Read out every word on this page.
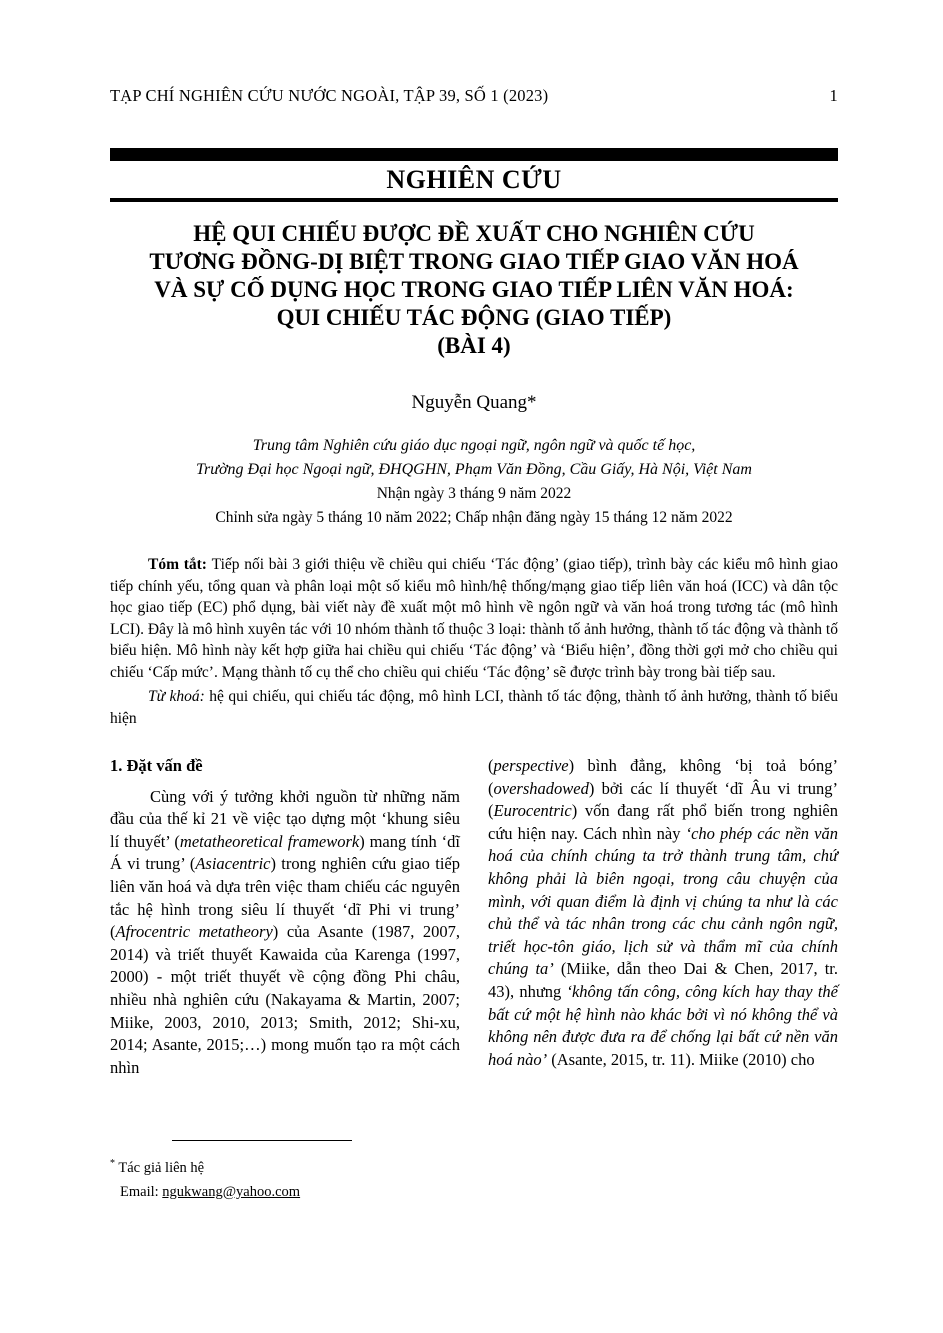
TẠP CHÍ NGHIÊN CỨU NƯỚC NGOÀI, TẬP 39, SỐ 1 (2023)	1
NGHIÊN CỨU
HỆ QUI CHIẾU ĐƯỢC ĐỀ XUẤT CHO NGHIÊN CỨU
TƯƠNG ĐỒNG-DỊ BIỆT TRONG GIAO TIẾP GIAO VĂN HOÁ
VÀ SỰ CỐ DỤNG HỌC TRONG GIAO TIẾP LIÊN VĂN HOÁ:
QUI CHIẾU TÁC ĐỘNG (GIAO TIẾP)
(BÀI 4)
Nguyễn Quang*
Trung tâm Nghiên cứu giáo dục ngoại ngữ, ngôn ngữ và quốc tế học,
Trường Đại học Ngoại ngữ, ĐHQGHN, Phạm Văn Đồng, Cầu Giấy, Hà Nội, Việt Nam
Nhận ngày 3 tháng 9 năm 2022
Chỉnh sửa ngày 5 tháng 10 năm 2022; Chấp nhận đăng ngày 15 tháng 12 năm 2022

Tóm tắt: Tiếp nối bài 3 giới thiệu về chiều qui chiếu ‘Tác động’ (giao tiếp), trình bày các kiểu mô hình giao tiếp chính yếu, tổng quan và phân loại một số kiểu mô hình/hệ thống/mạng giao tiếp liên văn hoá (ICC) và dân tộc học giao tiếp (EC) phổ dụng, bài viết này đề xuất một mô hình về ngôn ngữ và văn hoá trong tương tác (mô hình LCI). Đây là mô hình xuyên tác với 10 nhóm thành tố thuộc 3 loại: thành tố ảnh hưởng, thành tố tác động và thành tố biểu hiện. Mô hình này kết hợp giữa hai chiều qui chiếu ‘Tác động’ và ‘Biểu hiện’, đồng thời gợi mở cho chiều qui chiếu ‘Cấp mức’. Mạng thành tố cụ thể cho chiều qui chiếu ‘Tác động’ sẽ được trình bày trong bài tiếp sau.

Từ khoá: hệ qui chiếu, qui chiếu tác động, mô hình LCI, thành tố tác động, thành tố ảnh hưởng, thành tố biểu hiện

1. Đặt vấn đề

Cùng với ý tưởng khởi nguồn từ những năm đầu của thế kỉ 21 về việc tạo dựng một ‘khung siêu lí thuyết’ (metatheoretical framework) mang tính ‘dĩ Á vi trung’ (Asiacentric) trong nghiên cứu giao tiếp liên văn hoá và dựa trên việc tham chiếu các nguyên tắc hệ hình trong siêu lí thuyết ‘dĩ Phi vi trung’ (Afrocentric metatheory) của Asante (1987, 2007, 2014) và triết thuyết Kawaida của Karenga (1997, 2000) - một triết thuyết về cộng đồng Phi châu, nhiều nhà nghiên cứu (Nakayama & Martin, 2007; Miike, 2003, 2010, 2013; Smith, 2012; Shi-xu, 2014; Asante, 2015;…) mong muốn tạo ra một cách nhìn

(perspective) bình đẳng, không ‘bị toả bóng’ (overshadowed) bởi các lí thuyết ‘dĩ Âu vi trung’ (Eurocentric) vốn đang rất phổ biến trong nghiên cứu hiện nay. Cách nhìn này ‘cho phép các nền văn hoá của chính chúng ta trở thành trung tâm, chứ không phải là biên ngoại, trong câu chuyện của mình, với quan điểm là định vị chúng ta như là các chủ thể và tác nhân trong các chu cảnh ngôn ngữ, triết học-tôn giáo, lịch sử và thẩm mĩ của chính chúng ta’ (Miike, dẫn theo Dai & Chen, 2017, tr. 43), nhưng ‘không tấn công, công kích hay thay thế bất cứ một hệ hình nào khác bởi vì nó không thể và không nên được đưa ra để chống lại bất cứ nền văn hoá nào’ (Asante, 2015, tr. 11). Miike (2010) cho

* Tác giả liên hệ
Email: ngukwang@yahoo.com
